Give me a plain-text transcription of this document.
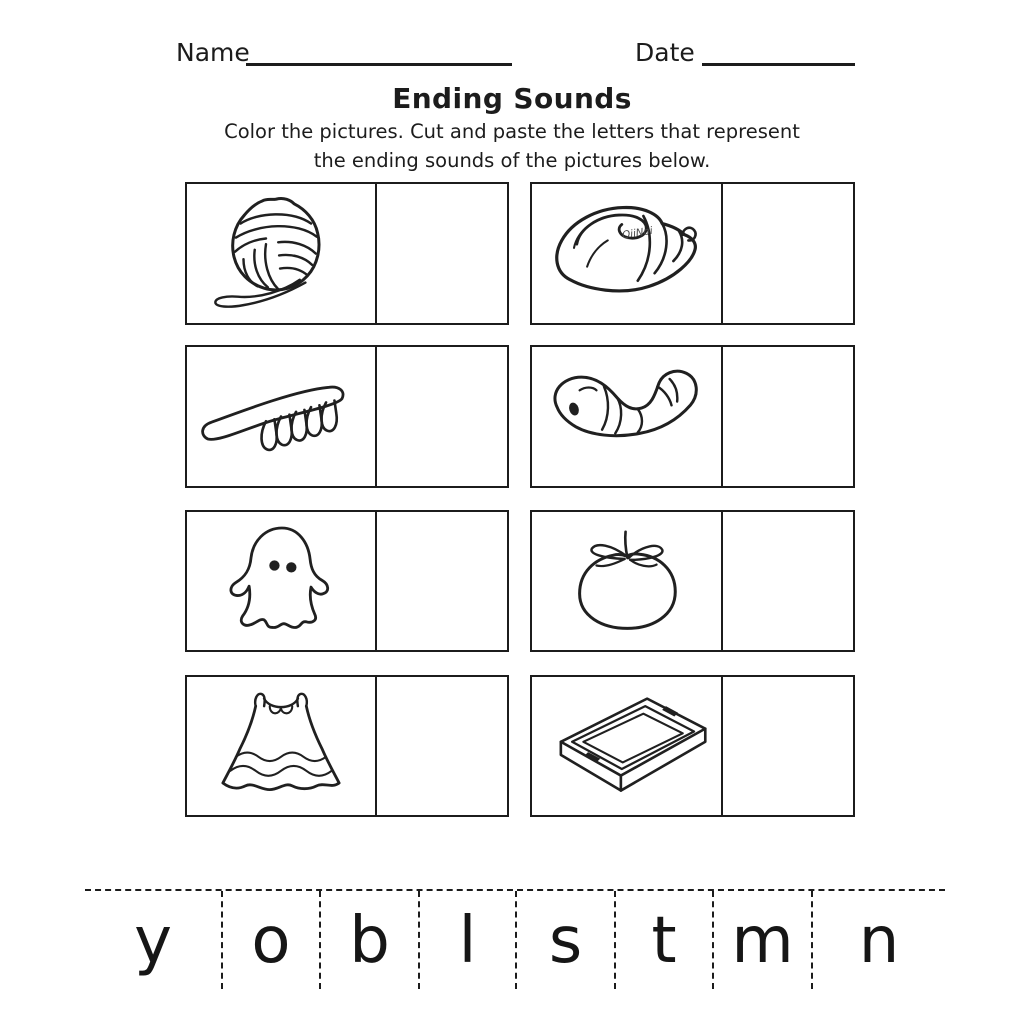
Name	Date
Ending Sounds
Color the pictures. Cut and paste the letters that represent
the ending sounds of the pictures below.
QiiNoi
y o b l s t m n
